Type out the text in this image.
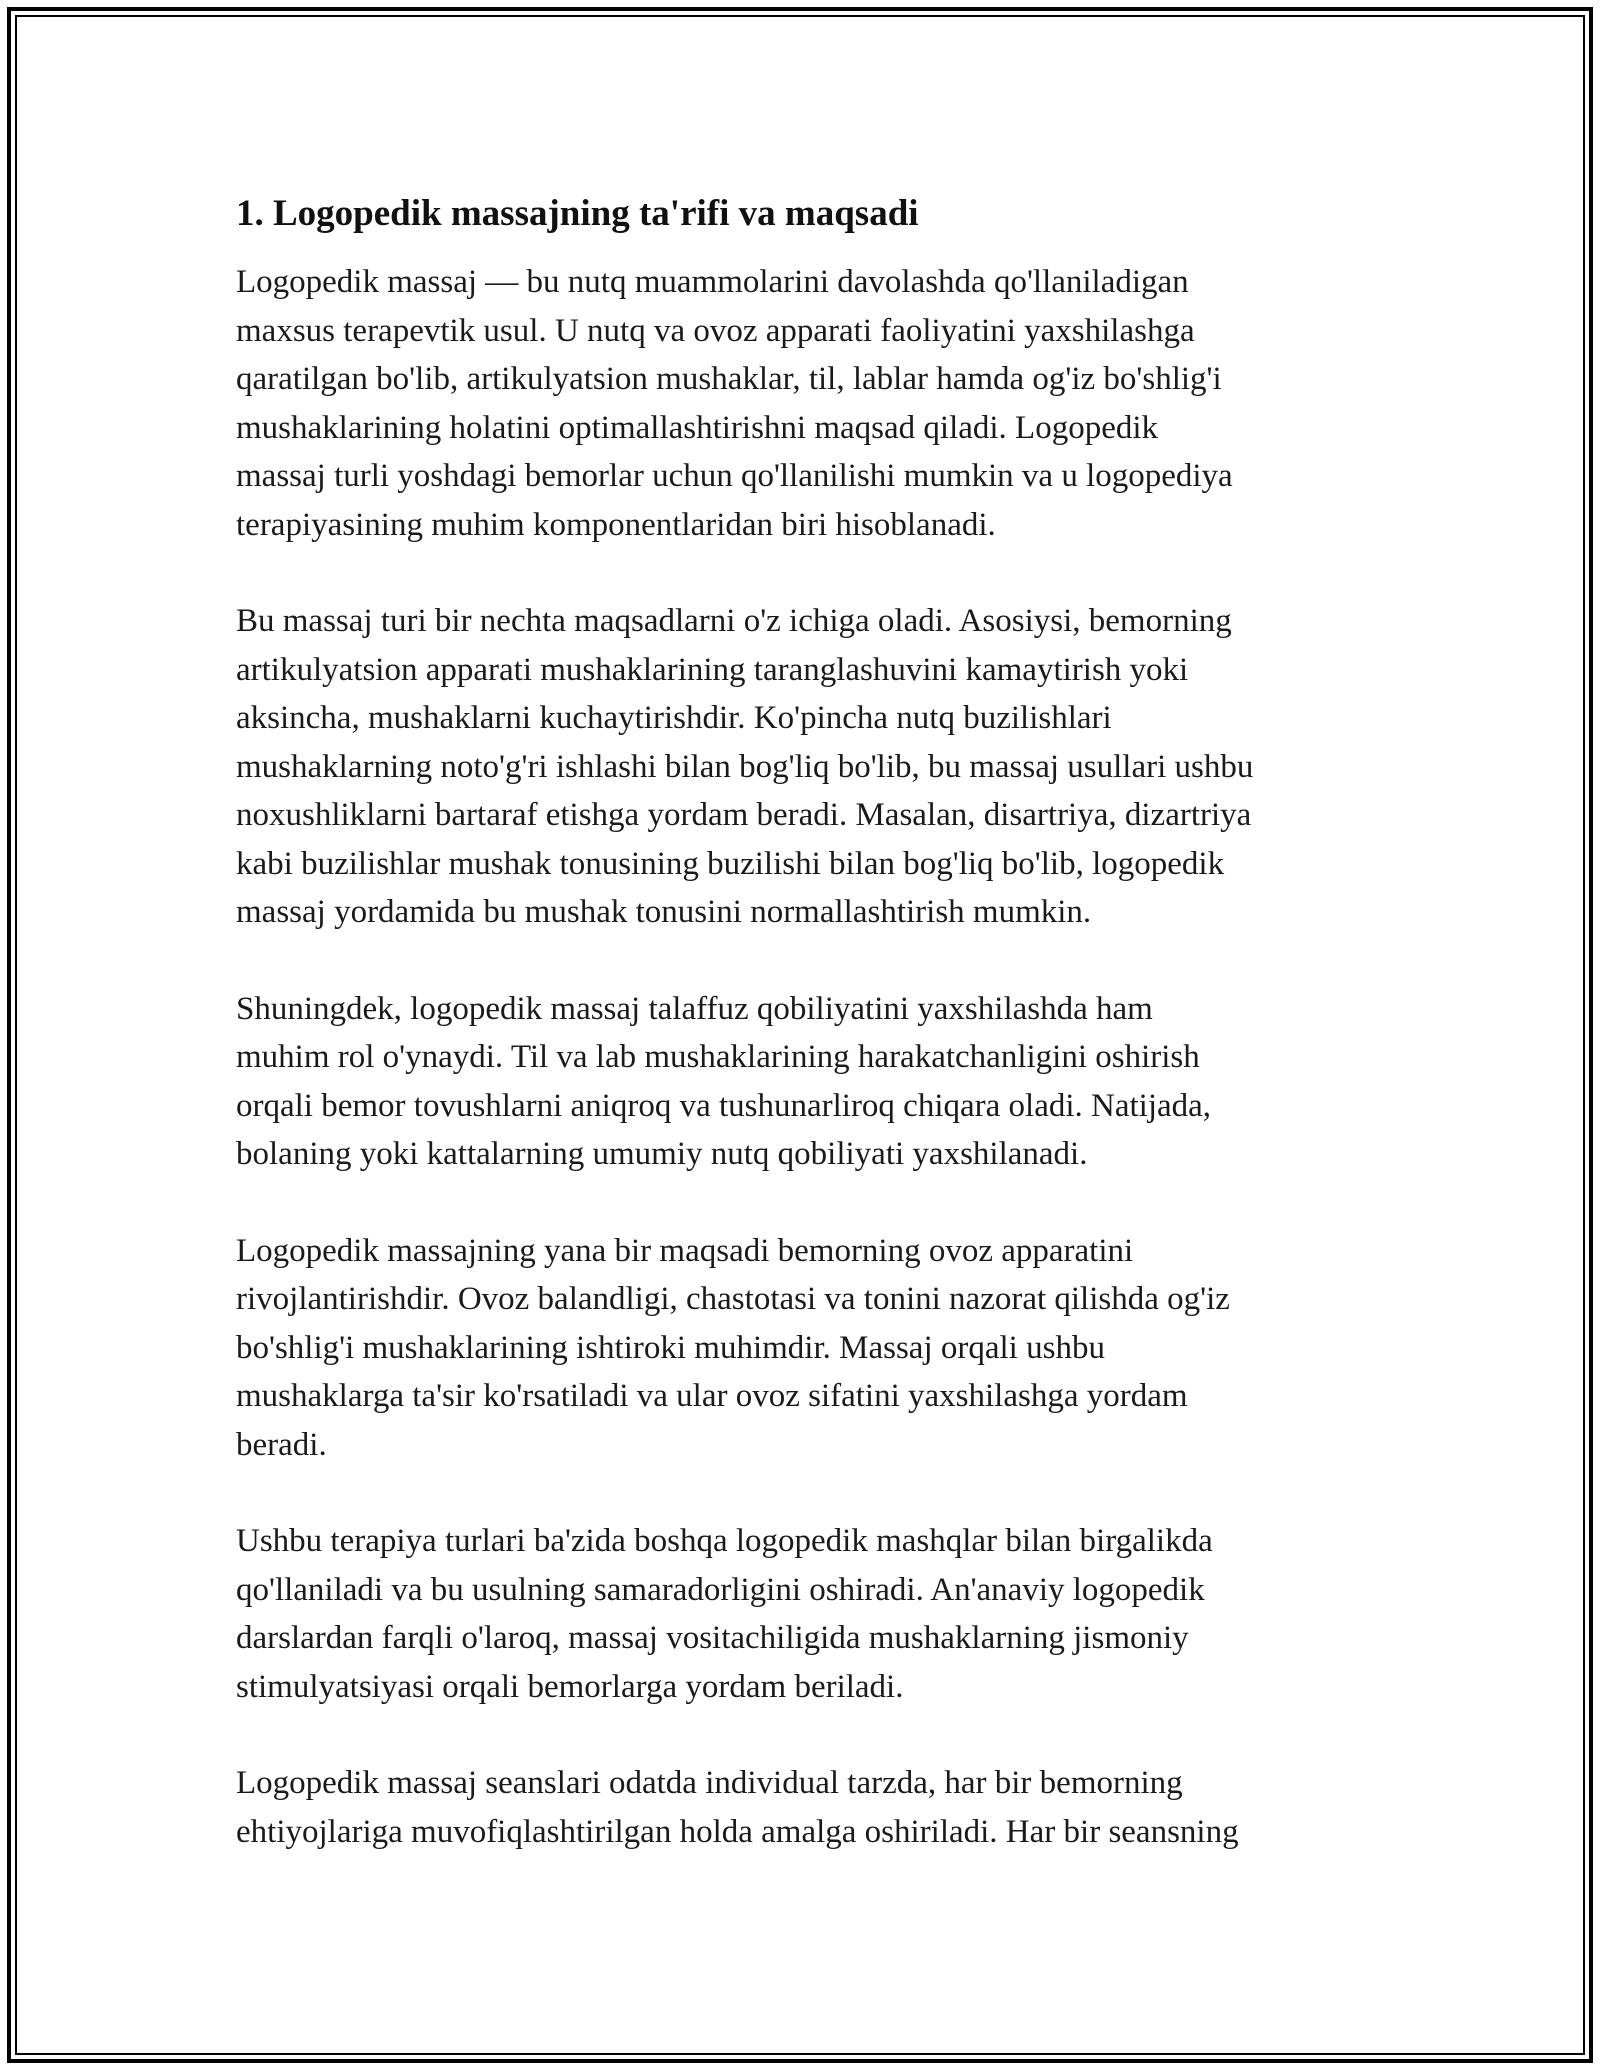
1. Logopedik massajning ta'rifi va maqsadi

Logopedik massaj — bu nutq muammolarini davolashda qo'llaniladigan
maxsus terapevtik usul. U nutq va ovoz apparati faoliyatini yaxshilashga
qaratilgan bo'lib, artikulyatsion mushaklar, til, lablar hamda og'iz bo'shlig'i
mushaklarining holatini optimallashtirishni maqsad qiladi. Logopedik
massaj turli yoshdagi bemorlar uchun qo'llanilishi mumkin va u logopediya
terapiyasining muhim komponentlaridan biri hisoblanadi.

Bu massaj turi bir nechta maqsadlarni o'z ichiga oladi. Asosiysi, bemorning
artikulyatsion apparati mushaklarining taranglashuvini kamaytirish yoki
aksincha, mushaklarni kuchaytirishdir. Ko'pincha nutq buzilishlari
mushaklarning noto'g'ri ishlashi bilan bog'liq bo'lib, bu massaj usullari ushbu
noxushliklarni bartaraf etishga yordam beradi. Masalan, disartriya, dizartriya
kabi buzilishlar mushak tonusining buzilishi bilan bog'liq bo'lib, logopedik
massaj yordamida bu mushak tonusini normallashtirish mumkin.

Shuningdek, logopedik massaj talaffuz qobiliyatini yaxshilashda ham
muhim rol o'ynaydi. Til va lab mushaklarining harakatchanligini oshirish
orqali bemor tovushlarni aniqroq va tushunarliroq chiqara oladi. Natijada,
bolaning yoki kattalarning umumiy nutq qobiliyati yaxshilanadi.

Logopedik massajning yana bir maqsadi bemorning ovoz apparatini
rivojlantirishdir. Ovoz balandligi, chastotasi va tonini nazorat qilishda og'iz
bo'shlig'i mushaklarining ishtiroki muhimdir. Massaj orqali ushbu
mushaklarga ta'sir ko'rsatiladi va ular ovoz sifatini yaxshilashga yordam
beradi.

Ushbu terapiya turlari ba'zida boshqa logopedik mashqlar bilan birgalikda
qo'llaniladi va bu usulning samaradorligini oshiradi. An'anaviy logopedik
darslardan farqli o'laroq, massaj vositachiligida mushaklarning jismoniy
stimulyatsiyasi orqali bemorlarga yordam beriladi.

Logopedik massaj seanslari odatda individual tarzda, har bir bemorning
ehtiyojlariga muvofiqlashtirilgan holda amalga oshiriladi. Har bir seansning
